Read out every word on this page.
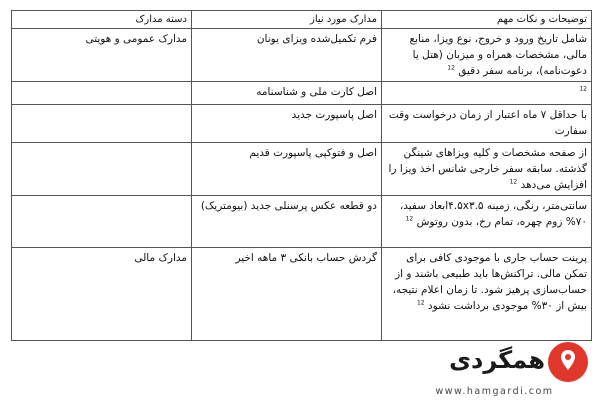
توضیحات و نکات مهم	مدارک مورد نیاز	دسته مدارک
شامل تاریخ ورود و خروج، نوع ویزا، منابع مالی، مشخصات همراه و میزبان (هتل یا دعوت‌نامه)، برنامه سفر دقیق $^{12}$	فرم تکمیل‌شده ویزای یونان	مدارک عمومی و هویتی
$^{12}$	اصل کارت ملی و شناسنامه	
با حداقل ۷ ماه اعتبار از زمان درخواست وقت سفارت	اصل پاسپورت جدید	
از صفحه مشخصات و کلیه ویزاهای شینگن گذشته. سابقه سفر خارجی شانس اخذ ویزا را افزایش می‌دهد $^{12}$	اصل و فتوکپی پاسپورت قدیم	
سانتی‌متر، رنگی، زمینه ۴.۵x۳.۵ابعاد سفید، ۷۰% زوم چهره، تمام رخ، بدون روتوش $^{12}$	دو قطعه عکس پرسنلی جدید (بیومتریک)	
پرینت حساب جاری با موجودی کافی برای تمکن مالی. تراکنش‌ها باید طبیعی باشند و از حساب‌سازی پرهیز شود. تا زمان اعلام نتیجه، بیش از ۳۰% موجودی برداشت نشود $^{12}$	گردش حساب بانکی ۳ ماهه اخیر	مدارک مالی
همگردی
www.hamgardi.com
